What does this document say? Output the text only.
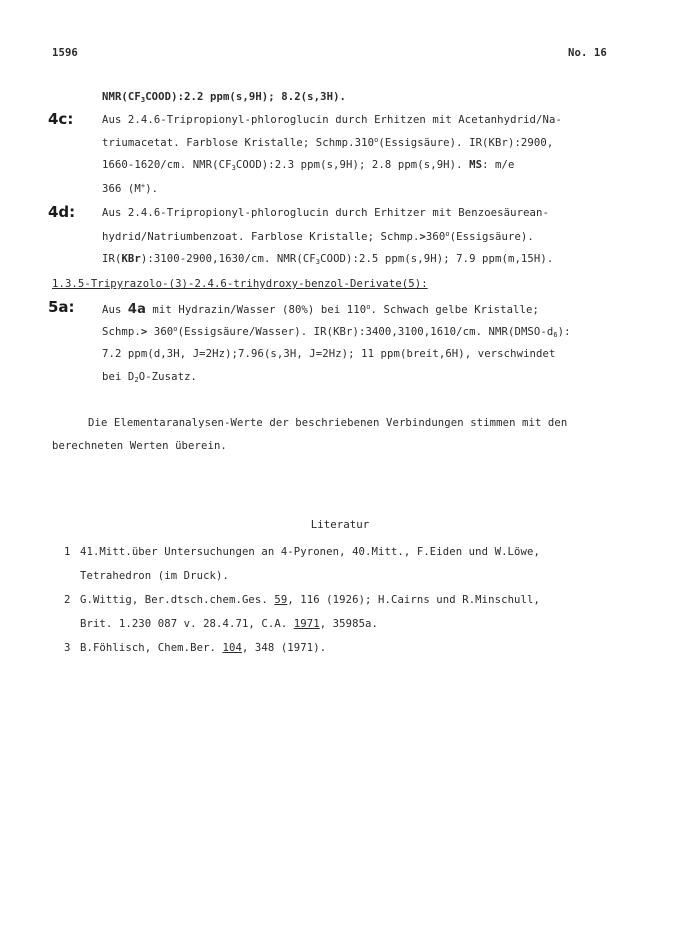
1596	No. 16
$NMR(CF_3COOD):2.2$ ppm(s,9H); 8.2(s,3H).
4c:	Aus 2.4.6-Tripropionyl-phloroglucin durch Erhitzen mit Acetanhydrid/Na-
triumacetat. Farblose Kristalle; Schmp.310$^o$(Essigsäure). IR(KBr):2900,
1660-1620/cm. $NMR(CF_3COOD):2.3$ ppm(s,9H); 2.8 ppm(s,9H). MS: m/e
366 (M+).
4d:	Aus 2.4.6-Tripropionyl-phloroglucin durch Erhitzer mit Benzoesäurean-
hydrid/Natriumbenzoat. Farblose Kristalle; $Schmp.>360^o(Essigsäure)$.
IR(KBr):3100-2900,1630/cm. $NMR(CF_3COOD):2.5$ ppm(s,9H); 7.9 ppm(m,15H).
1.3.5-Tripyrazolo-(3)-2.4.6-trihydroxy-benzol-Derivate(5):
5a:	Aus 4a mit Hydrazin/Wasser (80%) bei 110$^o$. Schwach gelbe Kristalle;
Schmp.> $360^o(Essigsäure/Wasser)$. IR(KBr):3400,3100,1610/cm. $NMR(DMSO-d_6)$:
7.2 ppm(d,3H, J=2Hz);7.96(s,3H, J=2Hz); 11 ppm(breit,6H), verschwindet
bei $D_2O$-Zusatz.
Die Elementaranalysen-Werte der beschriebenen Verbindungen stimmen mit den
berechneten Werten überein.
Literatur
1 41.Mitt.über Untersuchungen an 4-Pyronen, 40.Mitt., F.Eiden und W.Löwe,
Tetrahedron (im Druck).
2 G.Wittig, Ber.dtsch.chem.Ges. 59, 116 (1926); H.Cairns und R.Minschull,
Brit. 1.230 087 v. 28.4.71, C.A. 1971, 35985a.
3 B.Föhlisch, Chem.Ber. 104, 348 (1971).
